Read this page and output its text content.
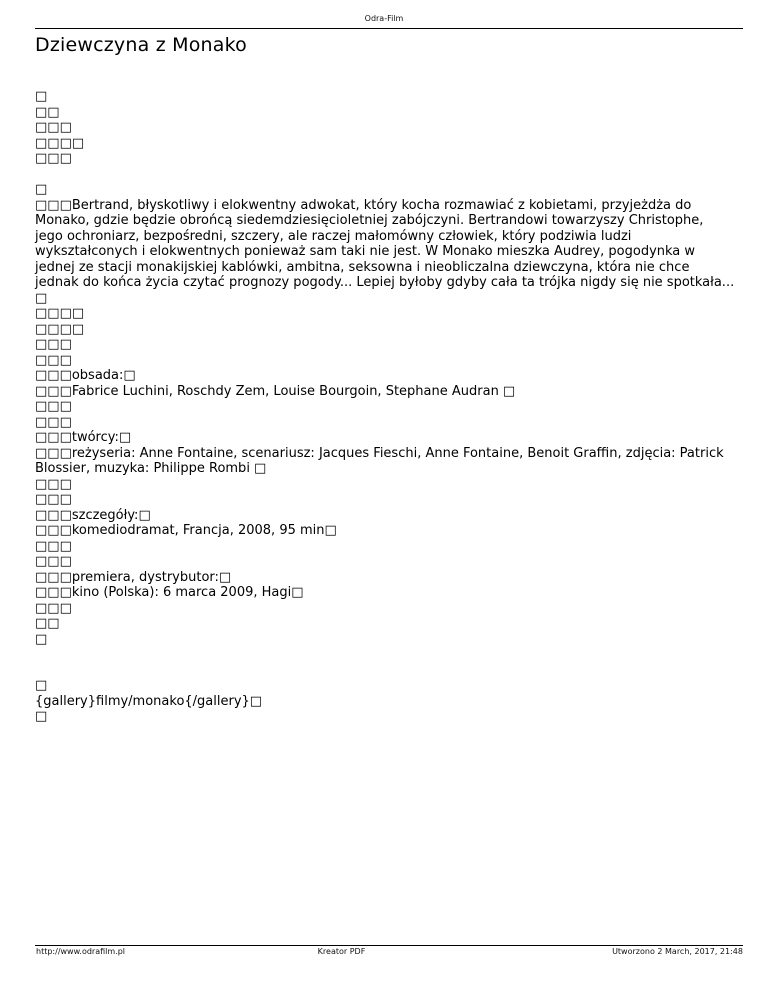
Odra-Film
Dziewczyna z Monako
□
□□
□□□
□□□□
□□□
□
□□□Bertrand, błyskotliwy i elokwentny adwokat, który kocha rozmawiać z kobietami, przyjeżdża do Monako, gdzie będzie obrońcą siedemdziesięcioletniej zabójczyni. Bertrandowi towarzyszy Christophe, jego ochroniarz, bezpośredni, szczery, ale raczej małomówny człowiek, który podziwia ludzi wykształconych i elokwentnych ponieważ sam taki nie jest. W Monako mieszka Audrey, pogodynka w jednej ze stacji monakijskiej kablówki, ambitna, seksowna i nieobliczalna dziewczyna, która nie chce jednak do końca życia czytać prognozy pogody... Lepiej byłoby gdyby cała ta trójka nigdy się nie spotkała... □
□□□□
□□□□
□□□
□□□
□□□obsada:□
□□□Fabrice Luchini, Roschdy Zem, Louise Bourgoin, Stephane Audran □
□□□
□□□
□□□twórcy:□
□□□reżyseria: Anne Fontaine, scenariusz: Jacques Fieschi, Anne Fontaine, Benoit Graffin, zdjęcia: Patrick Blossier, muzyka: Philippe Rombi □
□□□
□□□
□□□szczegóły:□
□□□komediodramat, Francja, 2008, 95 min□
□□□
□□□
□□□premiera, dystrybutor:□
□□□kino (Polska): 6 marca 2009, Hagi□
□□□
□□
□
□
{gallery}filmy/monako{/gallery}□
□
http://www.odrafilm.pl	Kreator PDF	Utworzono 2 March, 2017, 21:48
